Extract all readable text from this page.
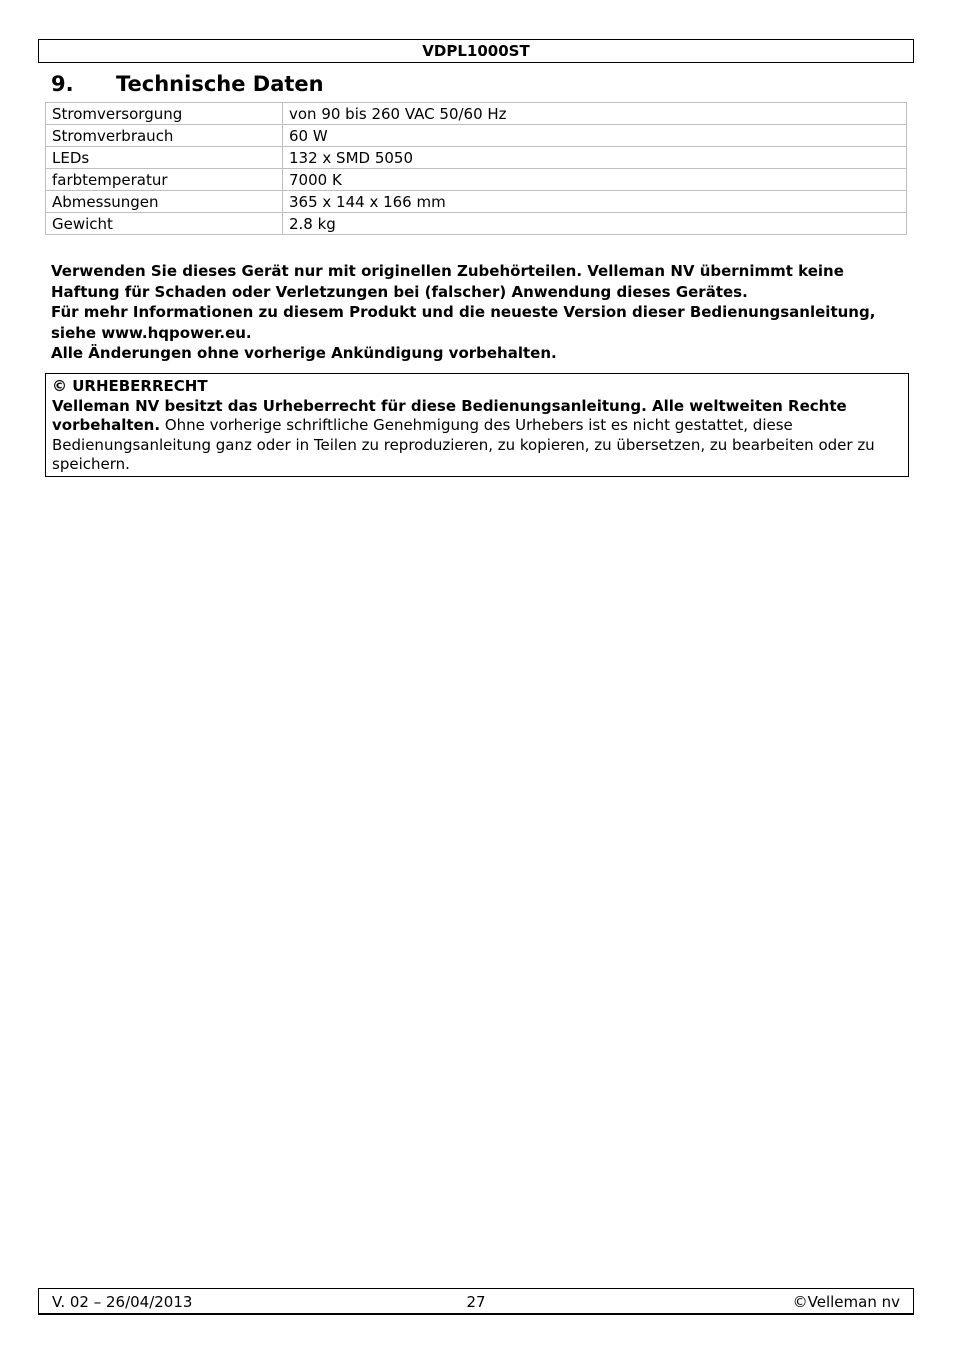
VDPL1000ST
9. Technische Daten
Stromversorgung	von 90 bis 260 VAC 50/60 Hz
Stromverbrauch	60 W
LEDs	132 x SMD 5050
farbtemperatur	7000 K
Abmessungen	365 x 144 x 166 mm
Gewicht	2.8 kg

Verwenden Sie dieses Gerät nur mit originellen Zubehörteilen. Velleman NV übernimmt keine Haftung für Schaden oder Verletzungen bei (falscher) Anwendung dieses Gerätes.

Für mehr Informationen zu diesem Produkt und die neueste Version dieser Bedienungsanleitung, siehe www.hqpower.eu.

Alle Änderungen ohne vorherige Ankündigung vorbehalten.

© URHEBERRECHT
Velleman NV besitzt das Urheberrecht für diese Bedienungsanleitung. Alle weltweiten Rechte vorbehalten. Ohne vorherige schriftliche Genehmigung des Urhebers ist es nicht gestattet, diese Bedienungsanleitung ganz oder in Teilen zu reproduzieren, zu kopieren, zu übersetzen, zu bearbeiten oder zu speichern.
V. 02 – 26/04/2013	27	©Velleman nv
